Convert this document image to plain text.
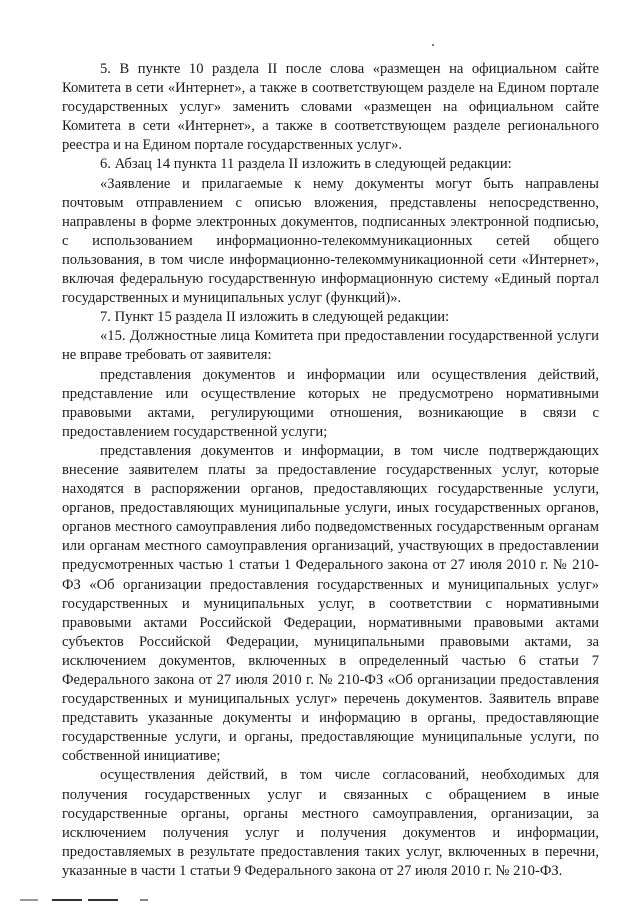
5. В пункте 10 раздела II после слова «размещен на официальном сайте Комитета в сети «Интернет», а также в соответствующем разделе на Едином портале государственных услуг» заменить словами «размещен на официальном сайте Комитета в сети «Интернет», а также в соответствующем разделе регионального реестра и на Едином портале государственных услуг».

6. Абзац 14 пункта 11 раздела II изложить в следующей редакции:

«Заявление и прилагаемые к нему документы могут быть направлены почтовым отправлением с описью вложения, представлены непосредственно, направлены в форме электронных документов, подписанных электронной подписью, с использованием информационно-телекоммуникационных сетей общего пользования, в том числе информационно-телекоммуникационной сети «Интернет», включая федеральную государственную информационную систему «Единый портал государственных и муниципальных услуг (функций)».

7. Пункт 15 раздела II изложить в следующей редакции:

«15. Должностные лица Комитета при предоставлении государственной услуги не вправе требовать от заявителя:

представления документов и информации или осуществления действий, представление или осуществление которых не предусмотрено нормативными правовыми актами, регулирующими отношения, возникающие в связи с предоставлением государственной услуги;

представления документов и информации, в том числе подтверждающих внесение заявителем платы за предоставление государственных услуг, которые находятся в распоряжении органов, предоставляющих государственные услуги, органов, предоставляющих муниципальные услуги, иных государственных органов, органов местного самоуправления либо подведомственных государственным органам или органам местного самоуправления организаций, участвующих в предоставлении предусмотренных частью 1 статьи 1 Федерального закона от 27 июля 2010 г. № 210-ФЗ «Об организации предоставления государственных и муниципальных услуг» государственных и муниципальных услуг, в соответствии с нормативными правовыми актами Российской Федерации, нормативными правовыми актами субъектов Российской Федерации, муниципальными правовыми актами, за исключением документов, включенных в определенный частью 6 статьи 7 Федерального закона от 27 июля 2010 г. № 210-ФЗ «Об организации предоставления государственных и муниципальных услуг» перечень документов. Заявитель вправе представить указанные документы и информацию в органы, предоставляющие государственные услуги, и органы, предоставляющие муниципальные услуги, по собственной инициативе;

осуществления действий, в том числе согласований, необходимых для получения государственных услуг и связанных с обращением в иные государственные органы, органы местного самоуправления, организации, за исключением получения услуг и получения документов и информации, предоставляемых в результате предоставления таких услуг, включенных в перечни, указанные в части 1 статьи 9 Федерального закона от 27 июля 2010 г. № 210-ФЗ.
